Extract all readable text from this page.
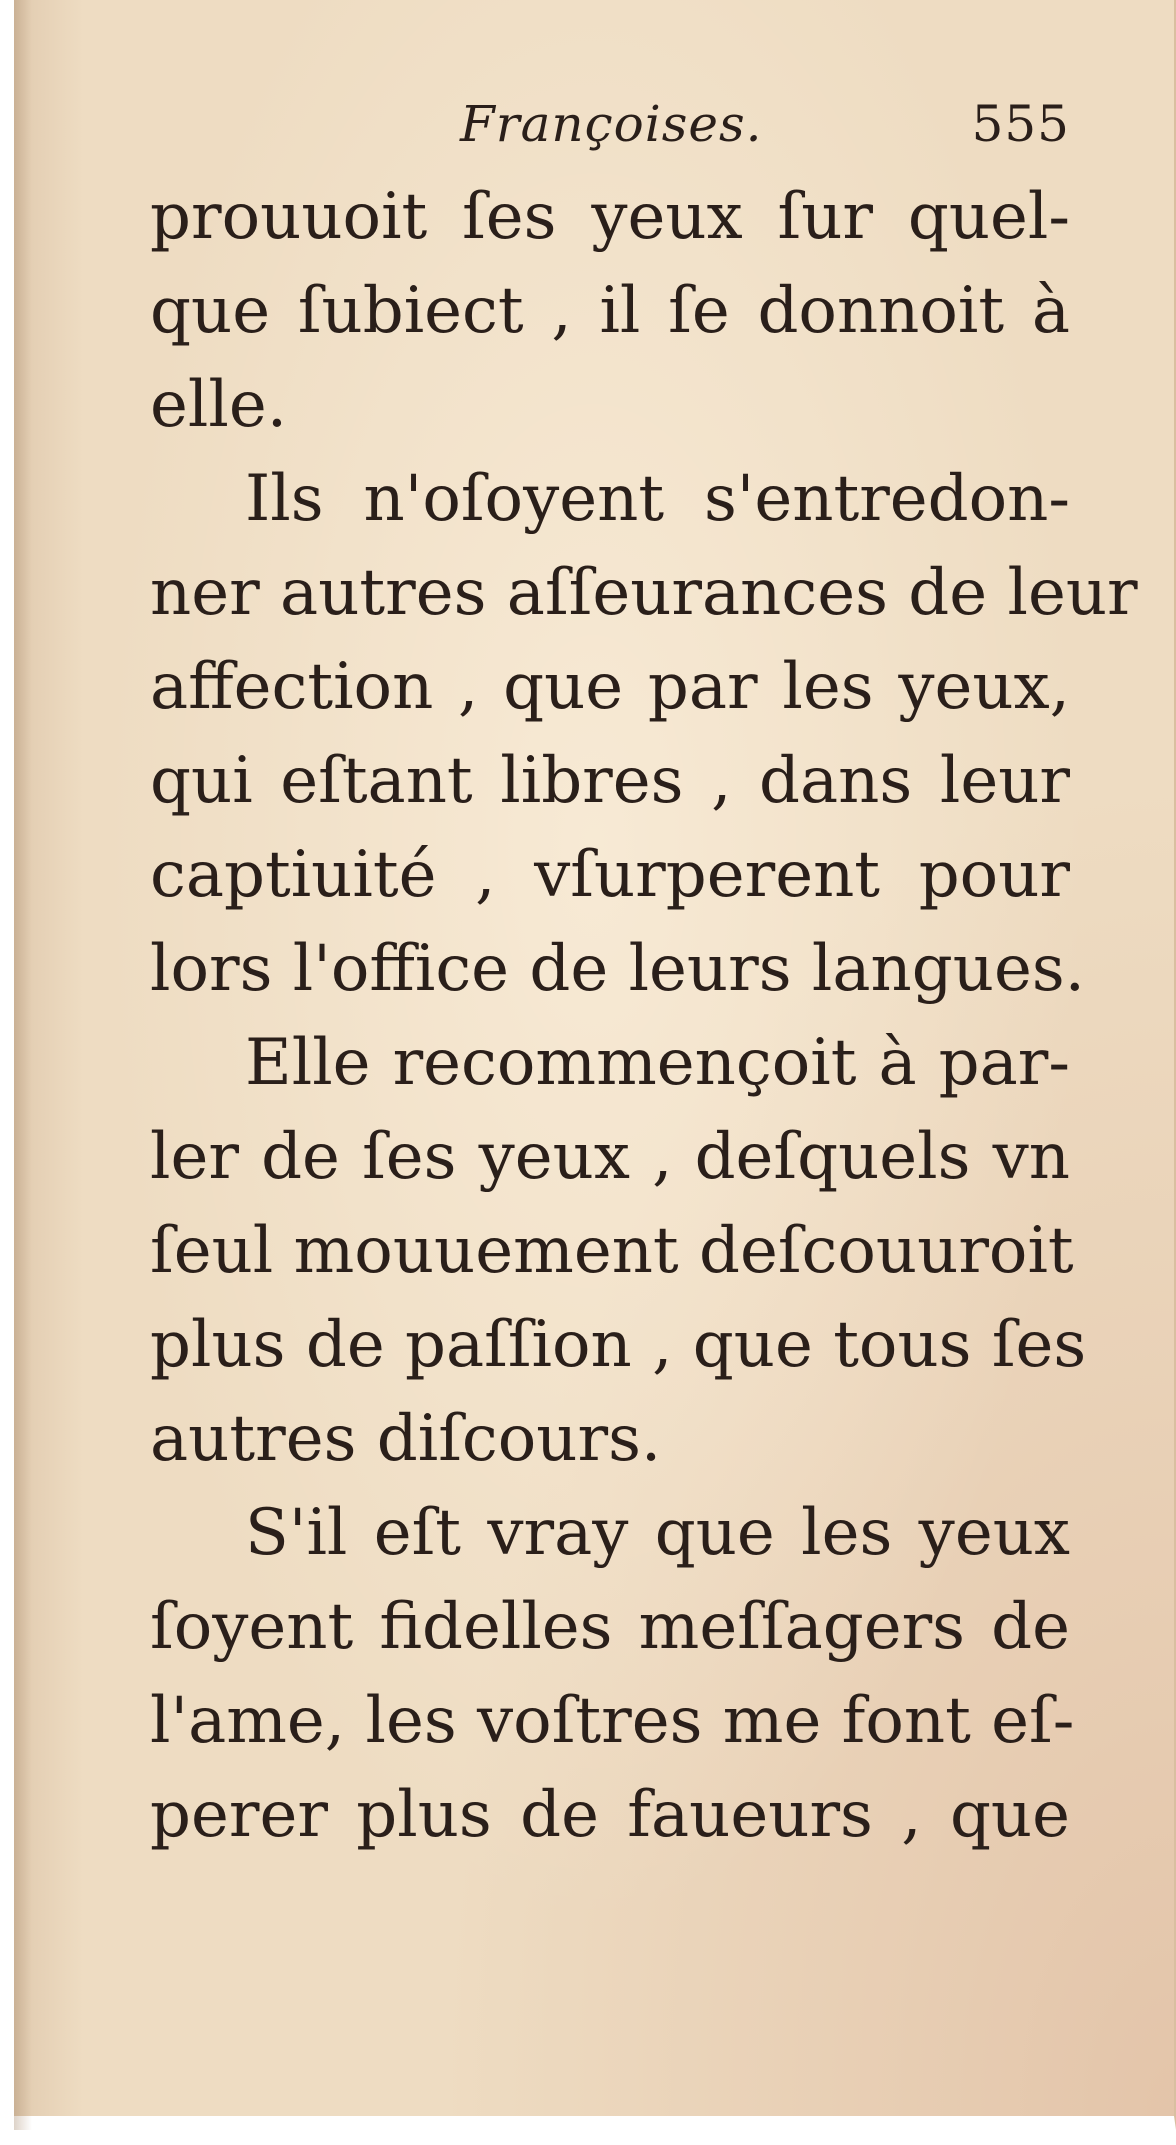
Françoises.	555
prouuoit ſes yeux ſur quel-
que ſubiect , il ſe donnoit à
elle.
Ils n'oſoyent s'entredon-
ner autres aſſeurances de leur
affection , que par les yeux,
qui eſtant libres , dans leur
captiuité , vſurperent pour
lors l'office de leurs langues.
Elle recommençoit à par-
ler de ſes yeux , deſquels vn
ſeul mouuement deſcouuroit
plus de paſſion , que tous ſes
autres diſcours.
S'il eſt vray que les yeux
ſoyent fidelles meſſagers de
l'ame, les voſtres me font eſ-
perer plus de faueurs , que
